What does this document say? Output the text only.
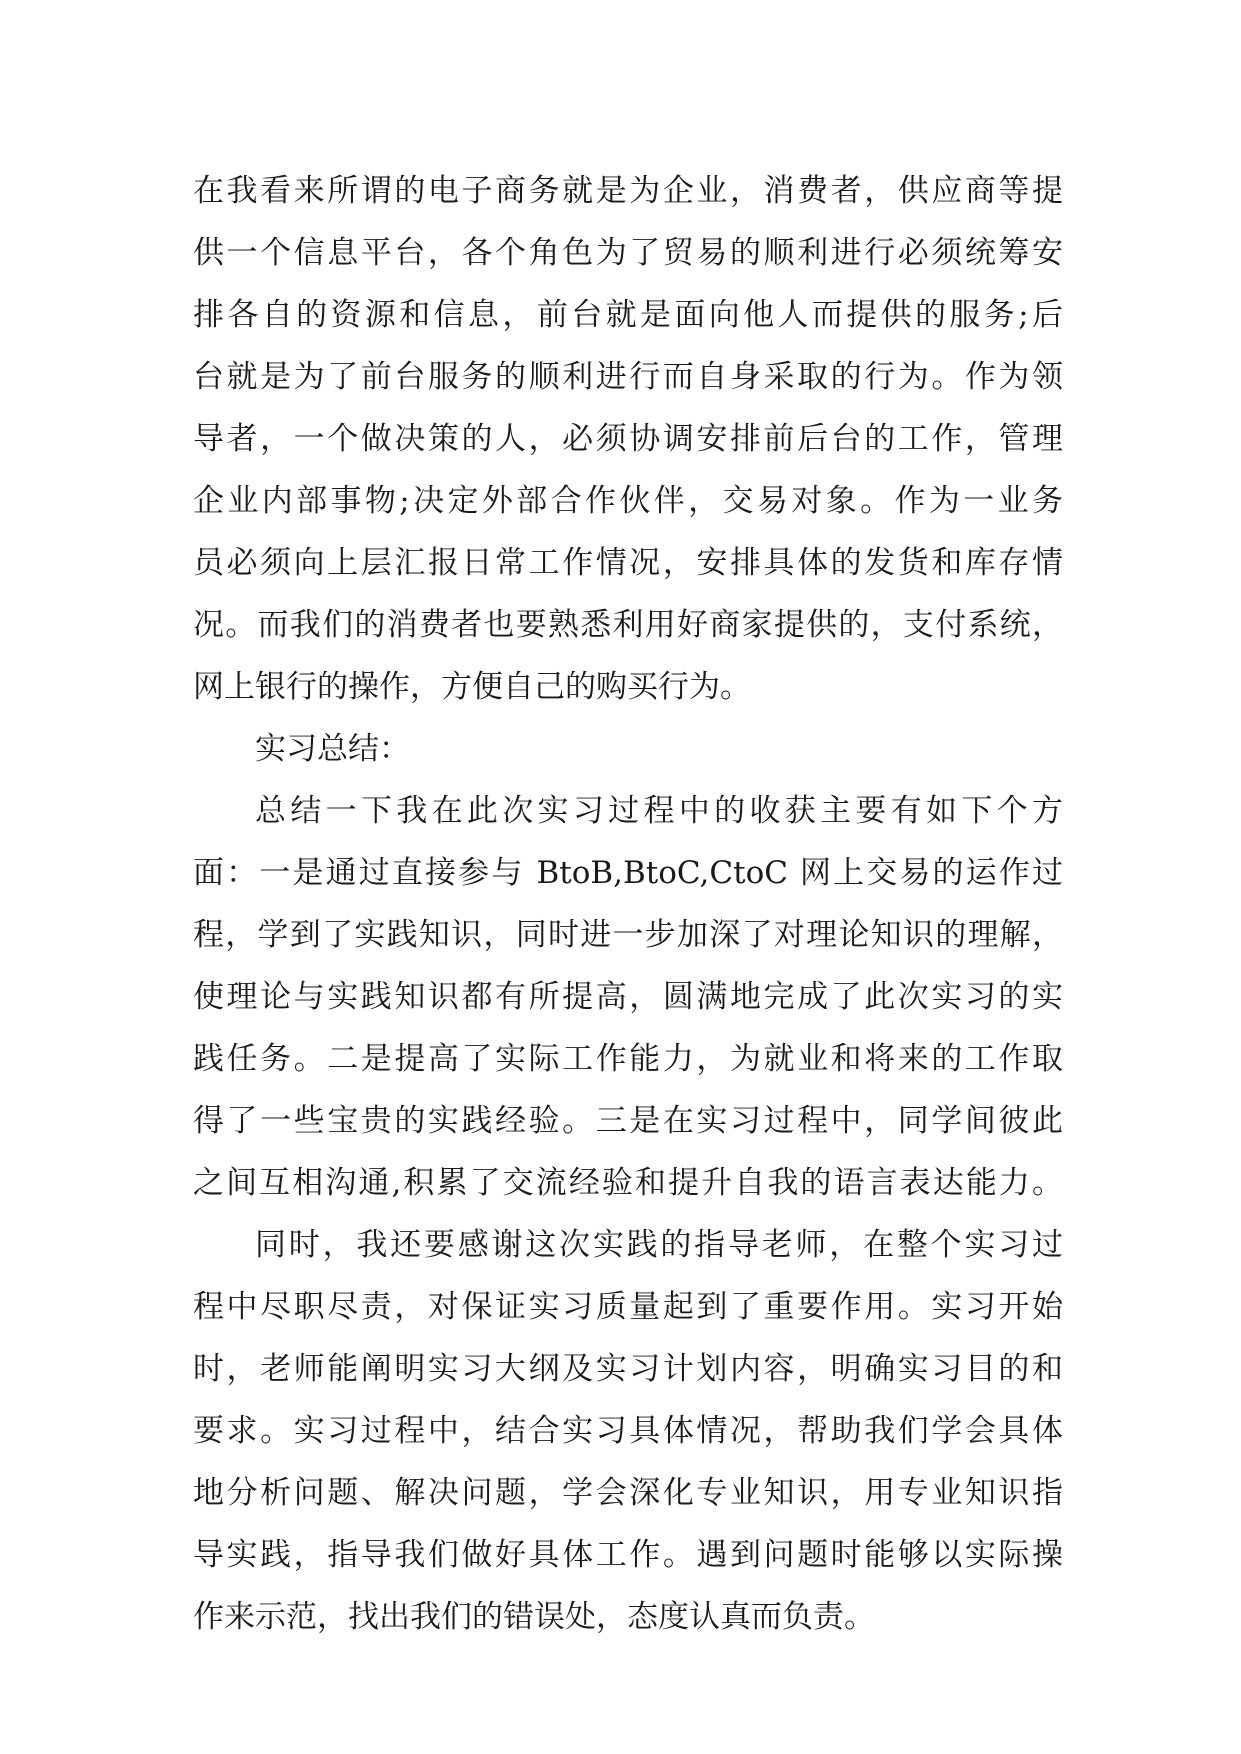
在我看来所谓的电子商务就是为企业，消费者，供应商等提
供一个信息平台，各个角色为了贸易的顺利进行必须统筹安
排各自的资源和信息，前台就是面向他人而提供的服务;后
台就是为了前台服务的顺利进行而自身采取的行为。作为领
导者，一个做决策的人，必须协调安排前后台的工作，管理
企业内部事物;决定外部合作伙伴，交易对象。作为一业务
员必须向上层汇报日常工作情况，安排具体的发货和库存情
况。而我们的消费者也要熟悉利用好商家提供的，支付系统，
网上银行的操作，方便自己的购买行为。
实习总结：
总结一下我在此次实习过程中的收获主要有如下个方
面：一是通过直接参与 BtoB,BtoC,CtoC 网上交易的运作过
程，学到了实践知识，同时进一步加深了对理论知识的理解，
使理论与实践知识都有所提高，圆满地完成了此次实习的实
践任务。二是提高了实际工作能力，为就业和将来的工作取
得了一些宝贵的实践经验。三是在实习过程中，同学间彼此
之间互相沟通,积累了交流经验和提升自我的语言表达能力。
同时，我还要感谢这次实践的指导老师，在整个实习过
程中尽职尽责，对保证实习质量起到了重要作用。实习开始
时，老师能阐明实习大纲及实习计划内容，明确实习目的和
要求。实习过程中，结合实习具体情况，帮助我们学会具体
地分析问题、解决问题，学会深化专业知识，用专业知识指
导实践，指导我们做好具体工作。遇到问题时能够以实际操
作来示范，找出我们的错误处，态度认真而负责。
